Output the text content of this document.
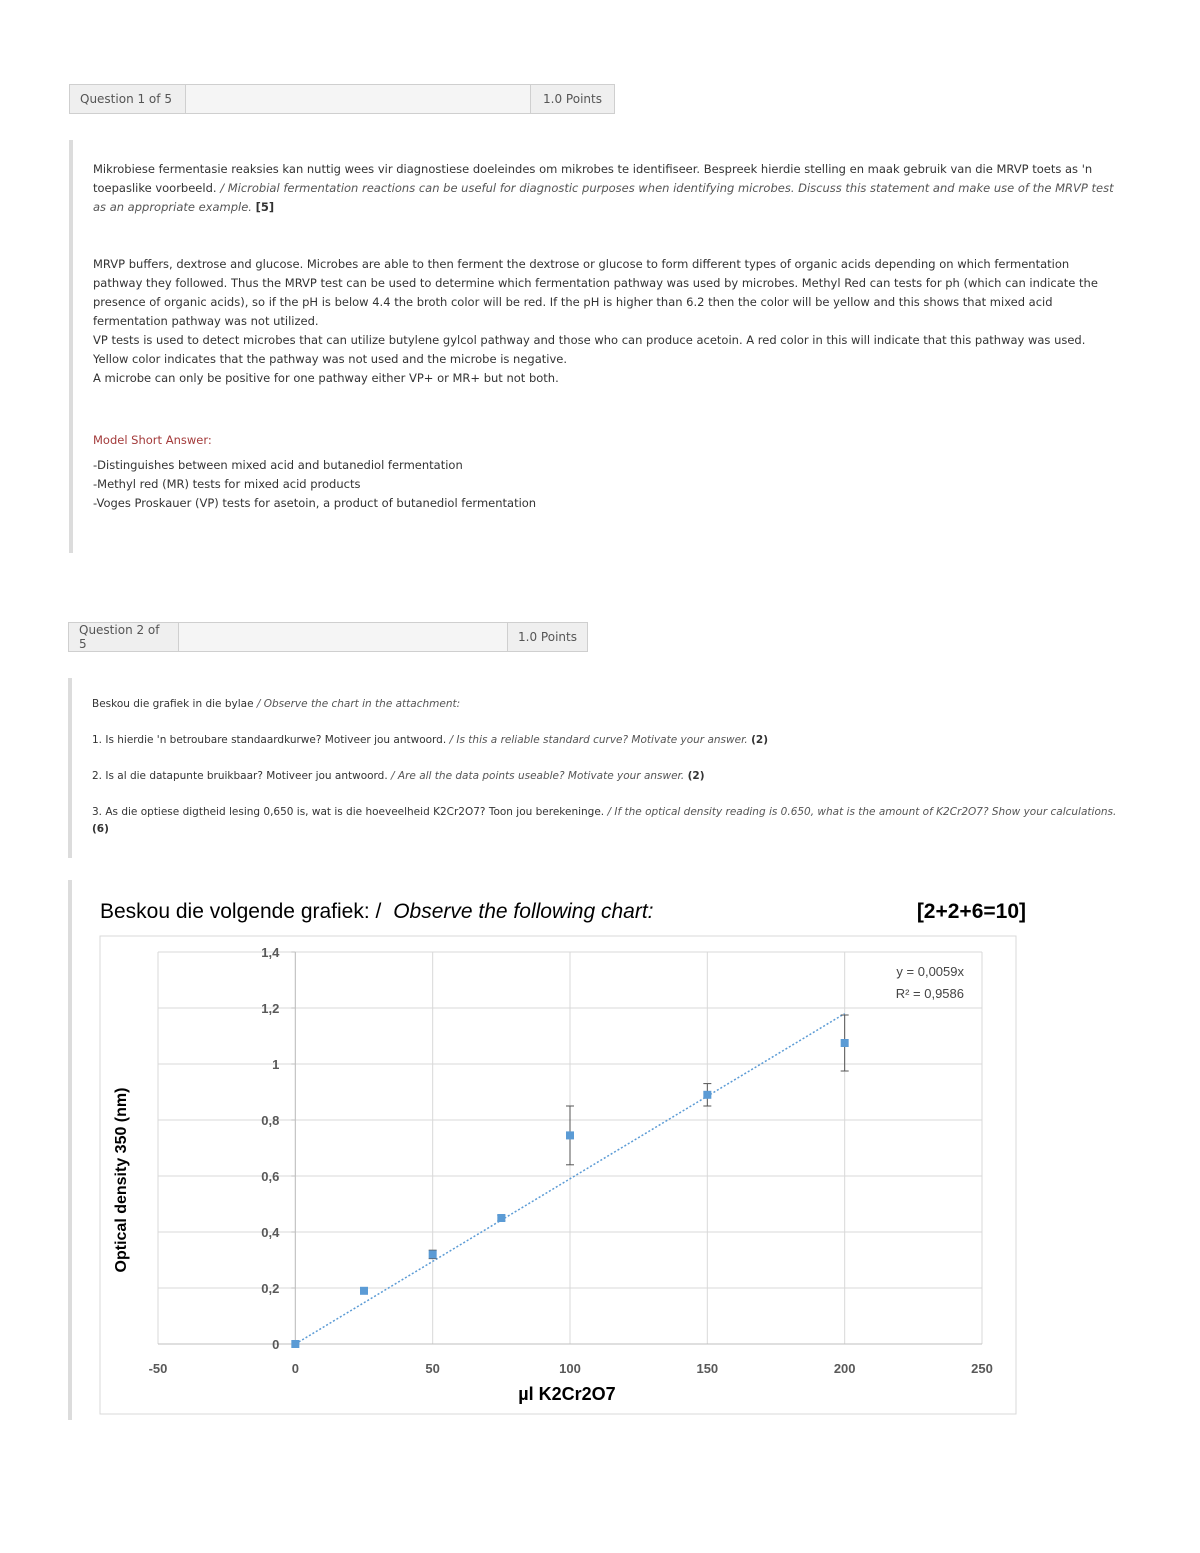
Question 1 of 5	1.0 Points

Mikrobiese fermentasie reaksies kan nuttig wees vir diagnostiese doeleindes om mikrobes te identifiseer. Bespreek hierdie stelling en maak gebruik van die MRVP toets as 'n toepaslike voorbeeld. / Microbial fermentation reactions can be useful for diagnostic purposes when identifying microbes. Discuss this statement and make use of the MRVP test as an appropriate example. [5]

MRVP buffers, dextrose and glucose. Microbes are able to then ferment the dextrose or glucose to form different types of organic acids depending on which fermentation pathway they followed. Thus the MRVP test can be used to determine which fermentation pathway was used by microbes. Methyl Red can tests for ph (which can indicate the presence of organic acids), so if the pH is below 4.4 the broth color will be red. If the pH is higher than 6.2 then the color will be yellow and this shows that mixed acid fermentation pathway was not utilized.

VP tests is used to detect microbes that can utilize butylene gylcol pathway and those who can produce acetoin. A red color in this will indicate that this pathway was used. Yellow color indicates that the pathway was not used and the microbe is negative.

A microbe can only be positive for one pathway either VP+ or MR+ but not both.

Model Short Answer:

-Distinguishes between mixed acid and butanediol fermentation

-Methyl red (MR) tests for mixed acid products

-Voges Proskauer (VP) tests for asetoin, a product of butanediol fermentation

Question 2 of 5	1.0 Points

Beskou die grafiek in die bylae / Observe the chart in the attachment:

1. Is hierdie 'n betroubare standaardkurwe? Motiveer jou antwoord. / Is this a reliable standard curve? Motivate your answer. (2)

2. Is al die datapunte bruikbaar? Motiveer jou antwoord. / Are all the data points useable? Motivate your answer. (2)

3. As die optiese digtheid lesing 0,650 is, wat is die hoeveelheid K2Cr2O7? Toon jou berekeninge. / If the optical density reading is 0.650, what is the amount of K2Cr2O7? Show your calculations. (6)

Beskou die volgende grafiek: / Observe the following chart:	[2+2+6=10]
0
0,2
0,4
0,6
0,8
1
1,2
1,4
-50	0	50	100	150	200	250
y = 0,0059x
R² = 0,9586
µl K2Cr2O7
Optical density 350 (nm)
